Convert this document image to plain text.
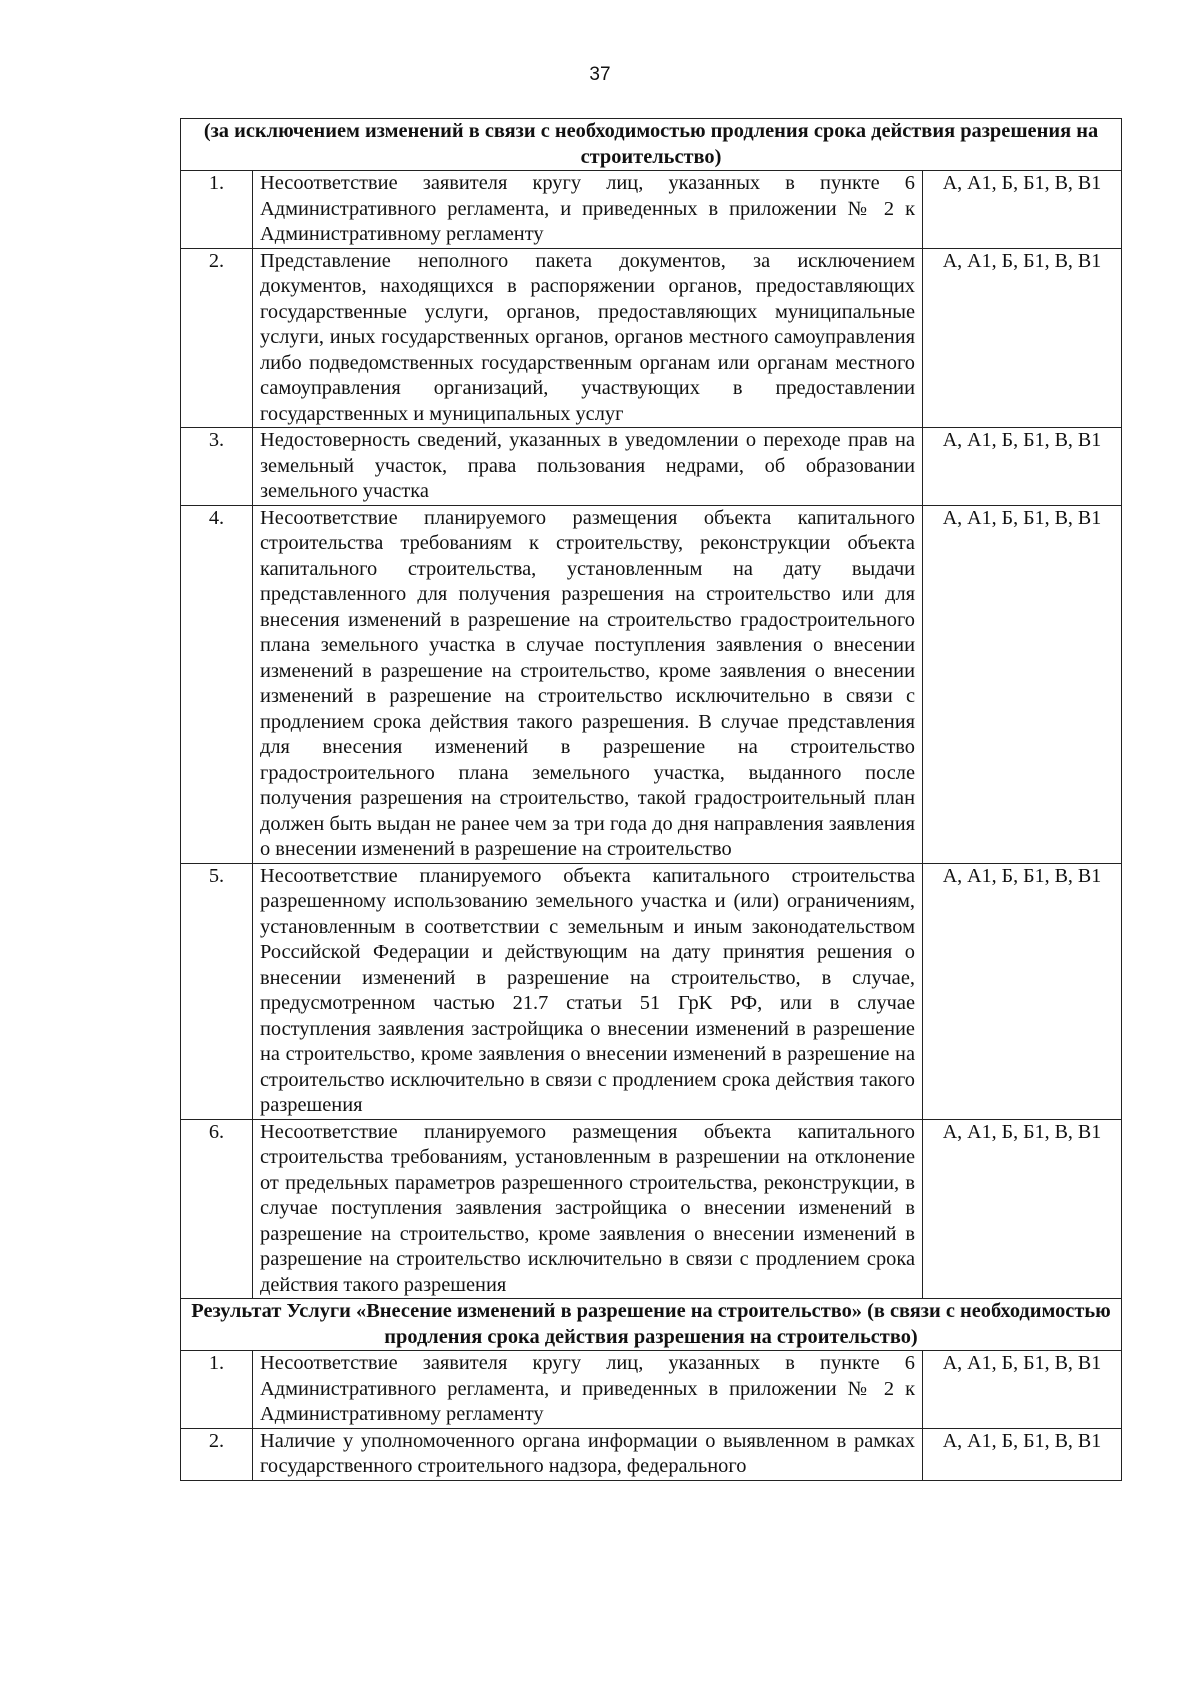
37
(за исключением изменений в связи с необходимостью продления срока действия разрешения на строительство)		
1.	Несоответствие заявителя кругу лиц, указанных в пункте 6 Административного регламента, и приведенных в приложении № 2 к Административному регламенту	А, А1, Б, Б1, В, В1
2.	Представление неполного пакета документов, за исключением документов, находящихся в распоряжении органов, предоставляющих государственные услуги, органов, предоставляющих муниципальные услуги, иных государственных органов, органов местного самоуправления либо подведомственных государственным органам или органам местного самоуправления организаций, участвующих в предоставлении государственных и муниципальных услуг	А, А1, Б, Б1, В, В1
3.	Недостоверность сведений, указанных в уведомлении о переходе прав на земельный участок, права пользования недрами, об образовании земельного участка	А, А1, Б, Б1, В, В1
4.	Несоответствие планируемого размещения объекта капитального строительства требованиям к строительству, реконструкции объекта капитального строительства, установленным на дату выдачи представленного для получения разрешения на строительство или для внесения изменений в разрешение на строительство градостроительного плана земельного участка в случае поступления заявления о внесении изменений в разрешение на строительство, кроме заявления о внесении изменений в разрешение на строительство исключительно в связи с продлением срока действия такого разрешения. В случае представления для внесения изменений в разрешение на строительство градостроительного плана земельного участка, выданного после получения разрешения на строительство, такой градостроительный план должен быть выдан не ранее чем за три года до дня направления заявления о внесении изменений в разрешение на строительство	А, А1, Б, Б1, В, В1
5.	Несоответствие планируемого объекта капитального строительства разрешенному использованию земельного участка и (или) ограничениям, установленным в соответствии с земельным и иным законодательством Российской Федерации и действующим на дату принятия решения о внесении изменений в разрешение на строительство, в случае, предусмотренном частью 21.7 статьи 51 ГрК РФ, или в случае поступления заявления застройщика о внесении изменений в разрешение на строительство, кроме заявления о внесении изменений в разрешение на строительство исключительно в связи с продлением срока действия такого разрешения	А, А1, Б, Б1, В, В1
6.	Несоответствие планируемого размещения объекта капитального строительства требованиям, установленным в разрешении на отклонение от предельных параметров разрешенного строительства, реконструкции, в случае поступления заявления застройщика о внесении изменений в разрешение на строительство, кроме заявления о внесении изменений в разрешение на строительство исключительно в связи с продлением срока действия такого разрешения	А, А1, Б, Б1, В, В1
Результат Услуги «Внесение изменений в разрешение на строительство» (в связи с необходимостью продления срока действия разрешения на строительство)		
1.	Несоответствие заявителя кругу лиц, указанных в пункте 6 Административного регламента, и приведенных в приложении № 2 к Административному регламенту	А, А1, Б, Б1, В, В1
2.	Наличие у уполномоченного органа информации о выявленном в рамках государственного строительного надзора, федерального	А, А1, Б, Б1, В, В1
